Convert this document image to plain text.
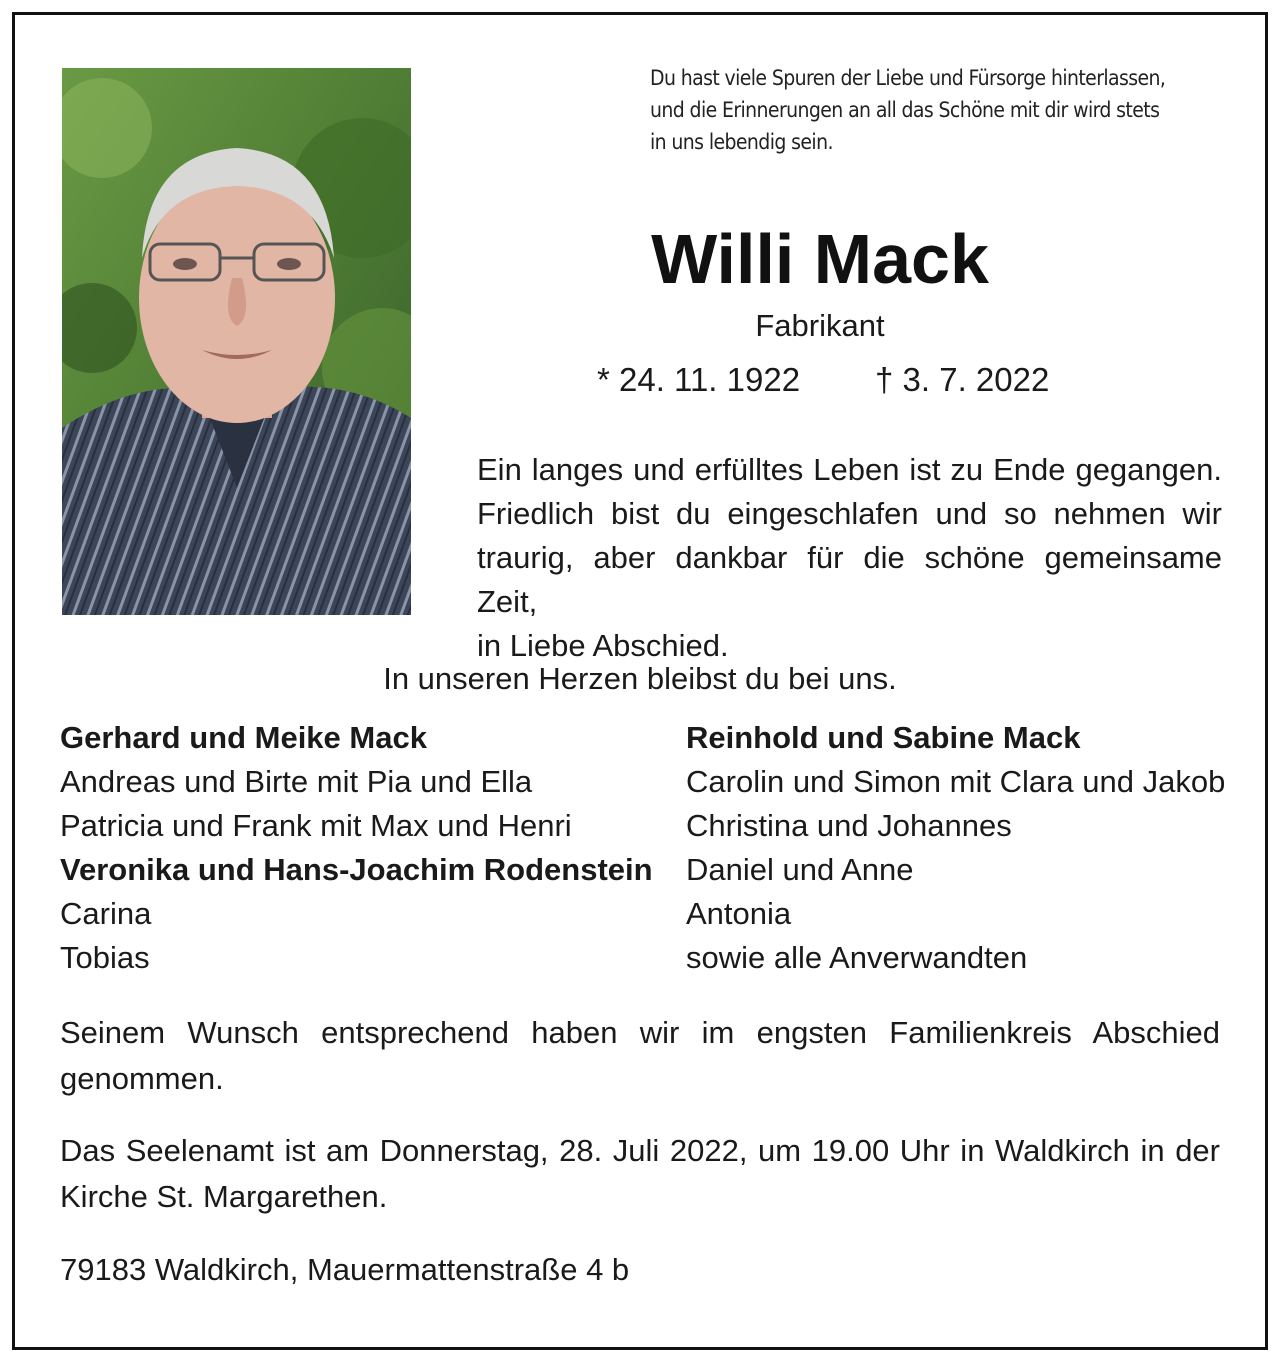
Du hast viele Spuren der Liebe und Fürsorge hinterlassen,
und die Erinnerungen an all das Schöne mit dir wird stets
in uns lebendig sein.
Willi Mack
Fabrikant
* 24. 11. 1922 † 3. 7. 2022
Ein langes und erfülltes Leben ist zu Ende gegangen.
Friedlich bist du eingeschlafen und so nehmen wir
traurig, aber dankbar für die schöne gemeinsame Zeit,
in Liebe Abschied.
In unseren Herzen bleibst du bei uns.
Gerhard und Meike Mack
Andreas und Birte mit Pia und Ella
Patricia und Frank mit Max und Henri
Veronika und Hans-Joachim Rodenstein
Carina
Tobias
Reinhold und Sabine Mack
Carolin und Simon mit Clara und Jakob
Christina und Johannes
Daniel und Anne
Antonia
sowie alle Anverwandten
Seinem Wunsch entsprechend haben wir im engsten Familienkreis Abschied
genommen.
Das Seelenamt ist am Donnerstag, 28. Juli 2022, um 19.00 Uhr in Waldkirch in der
Kirche St. Margarethen.
79183 Waldkirch, Mauermattenstraße 4 b
